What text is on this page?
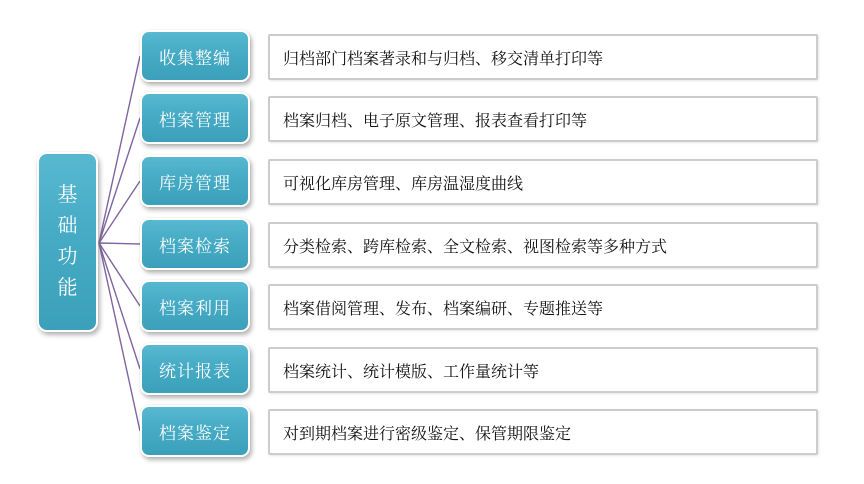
基础功能
收集整编	归档部门档案著录和与归档、移交清单打印等
档案管理	档案归档、电子原文管理、报表查看打印等
库房管理	可视化库房管理、库房温湿度曲线
档案检索	分类检索、跨库检索、全文检索、视图检索等多种方式
档案利用	档案借阅管理、发布、档案编研、专题推送等
统计报表	档案统计、统计模版、工作量统计等
档案鉴定	对到期档案进行密级鉴定、保管期限鉴定
